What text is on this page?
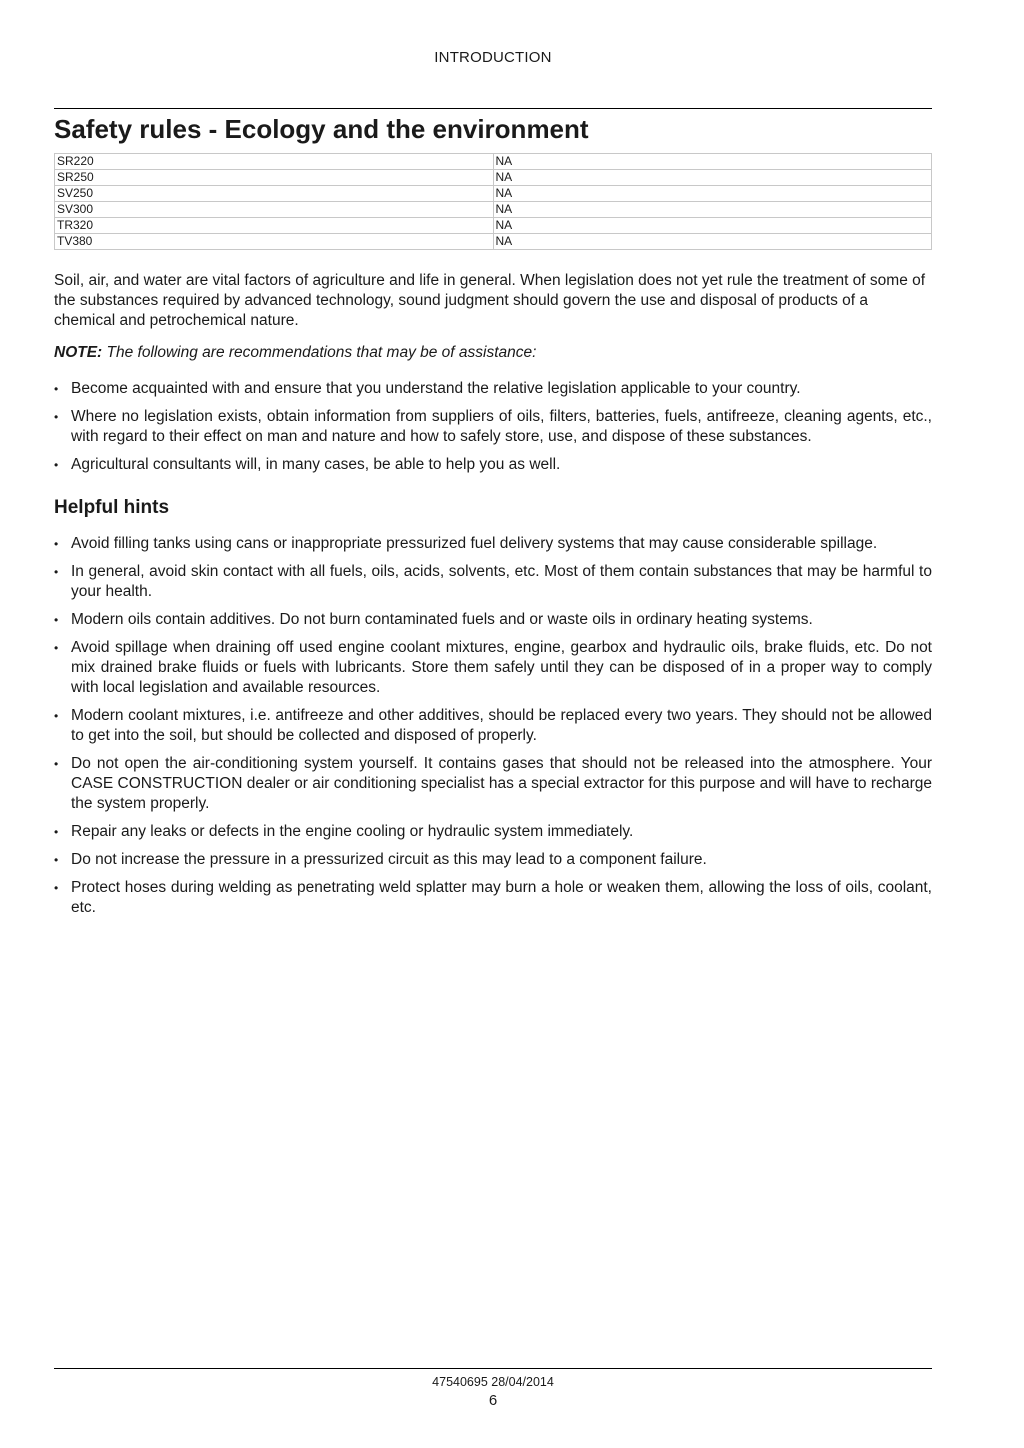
INTRODUCTION
Safety rules - Ecology and the environment
SR220	NA
SR250	NA
SV250	NA
SV300	NA
TR320	NA
TV380	NA

Soil, air, and water are vital factors of agriculture and life in general. When legislation does not yet rule the treatment of some of the substances required by advanced technology, sound judgment should govern the use and disposal of products of a chemical and petrochemical nature.

NOTE: The following are recommendations that may be of assistance:

• Become acquainted with and ensure that you understand the relative legislation applicable to your country.
• Where no legislation exists, obtain information from suppliers of oils, filters, batteries, fuels, antifreeze, cleaning agents, etc., with regard to their effect on man and nature and how to safely store, use, and dispose of these substances.
• Agricultural consultants will, in many cases, be able to help you as well.
Helpful hints
• Avoid filling tanks using cans or inappropriate pressurized fuel delivery systems that may cause considerable spillage.
• In general, avoid skin contact with all fuels, oils, acids, solvents, etc. Most of them contain substances that may be harmful to your health.
• Modern oils contain additives. Do not burn contaminated fuels and or waste oils in ordinary heating systems.
• Avoid spillage when draining off used engine coolant mixtures, engine, gearbox and hydraulic oils, brake fluids, etc. Do not mix drained brake fluids or fuels with lubricants. Store them safely until they can be disposed of in a proper way to comply with local legislation and available resources.
• Modern coolant mixtures, i.e. antifreeze and other additives, should be replaced every two years. They should not be allowed to get into the soil, but should be collected and disposed of properly.
• Do not open the air-conditioning system yourself. It contains gases that should not be released into the atmosphere. Your CASE CONSTRUCTION dealer or air conditioning specialist has a special extractor for this purpose and will have to recharge the system properly.
• Repair any leaks or defects in the engine cooling or hydraulic system immediately.
• Do not increase the pressure in a pressurized circuit as this may lead to a component failure.
• Protect hoses during welding as penetrating weld splatter may burn a hole or weaken them, allowing the loss of oils, coolant, etc.
47540695 28/04/2014
6
